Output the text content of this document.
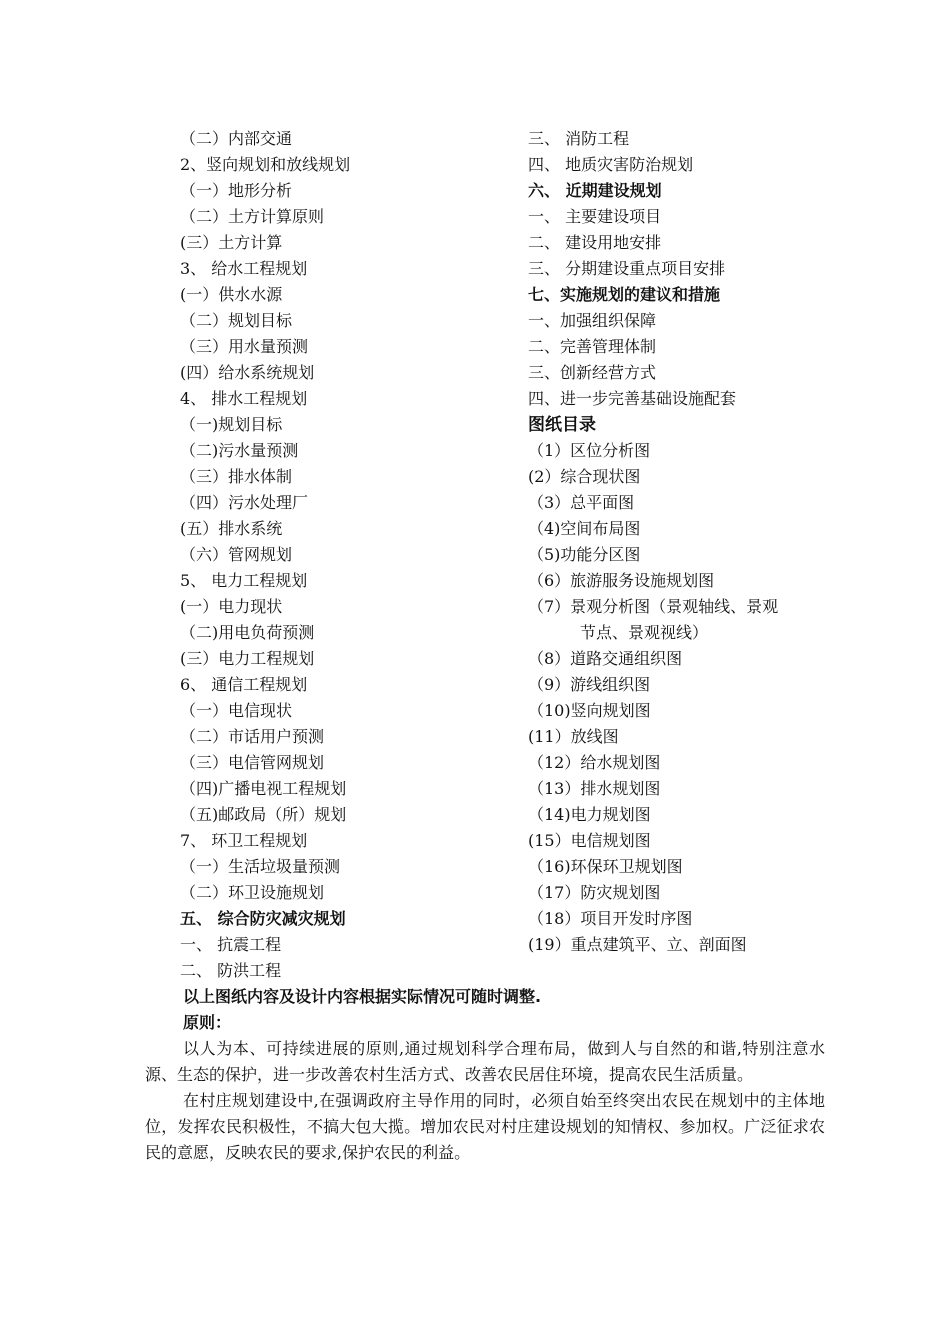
（二）内部交通
2、竖向规划和放线规划
（一）地形分析
（二）土方计算原则
(三）土方计算
3、 给水工程规划
(一）供水水源
（二）规划目标
（三）用水量预测
(四）给水系统规划
4、 排水工程规划
（一)规划目标
（二)污水量预测
（三）排水体制
（四）污水处理厂
(五）排水系统
（六）管网规划
5、 电力工程规划
(一）电力现状
（二)用电负荷预测
(三）电力工程规划
6、 通信工程规划
（一）电信现状
（二）市话用户预测
（三）电信管网规划
（四)广播电视工程规划
（五)邮政局（所）规划
7、 环卫工程规划
（一）生活垃圾量预测
（二）环卫设施规划
五、 综合防灾减灾规划
一、 抗震工程
二、 防洪工程
三、 消防工程
四、 地质灾害防治规划
六、 近期建设规划
一、 主要建设项目
二、 建设用地安排
三、 分期建设重点项目安排
七、实施规划的建议和措施
一、加强组织保障
二、完善管理体制
三、创新经营方式
四、进一步完善基础设施配套
图纸目录
（1）区位分析图
(2）综合现状图
（3）总平面图
（4)空间布局图
（5)功能分区图
（6）旅游服务设施规划图
（7）景观分析图（景观轴线、景观
节点、景观视线）
（8）道路交通组织图
（9）游线组织图
（10)竖向规划图
(11）放线图
（12）给水规划图
（13）排水规划图
（14)电力规划图
(15）电信规划图
（16)环保环卫规划图
（17）防灾规划图
（18）项目开发时序图
(19）重点建筑平、立、剖面图
以上图纸内容及设计内容根据实际情况可随时调整.
原则：

以人为本、可持续进展的原则,通过规划科学合理布局，做到人与自然的和谐,特别注意水源、生态的保护，进一步改善农村生活方式、改善农民居住环境，提高农民生活质量。

在村庄规划建设中,在强调政府主导作用的同时，必须自始至终突出农民在规划中的主体地位，发挥农民积极性，不搞大包大揽。增加农民对村庄建设规划的知情权、参加权。广泛征求农民的意愿，反映农民的要求,保护农民的利益。
